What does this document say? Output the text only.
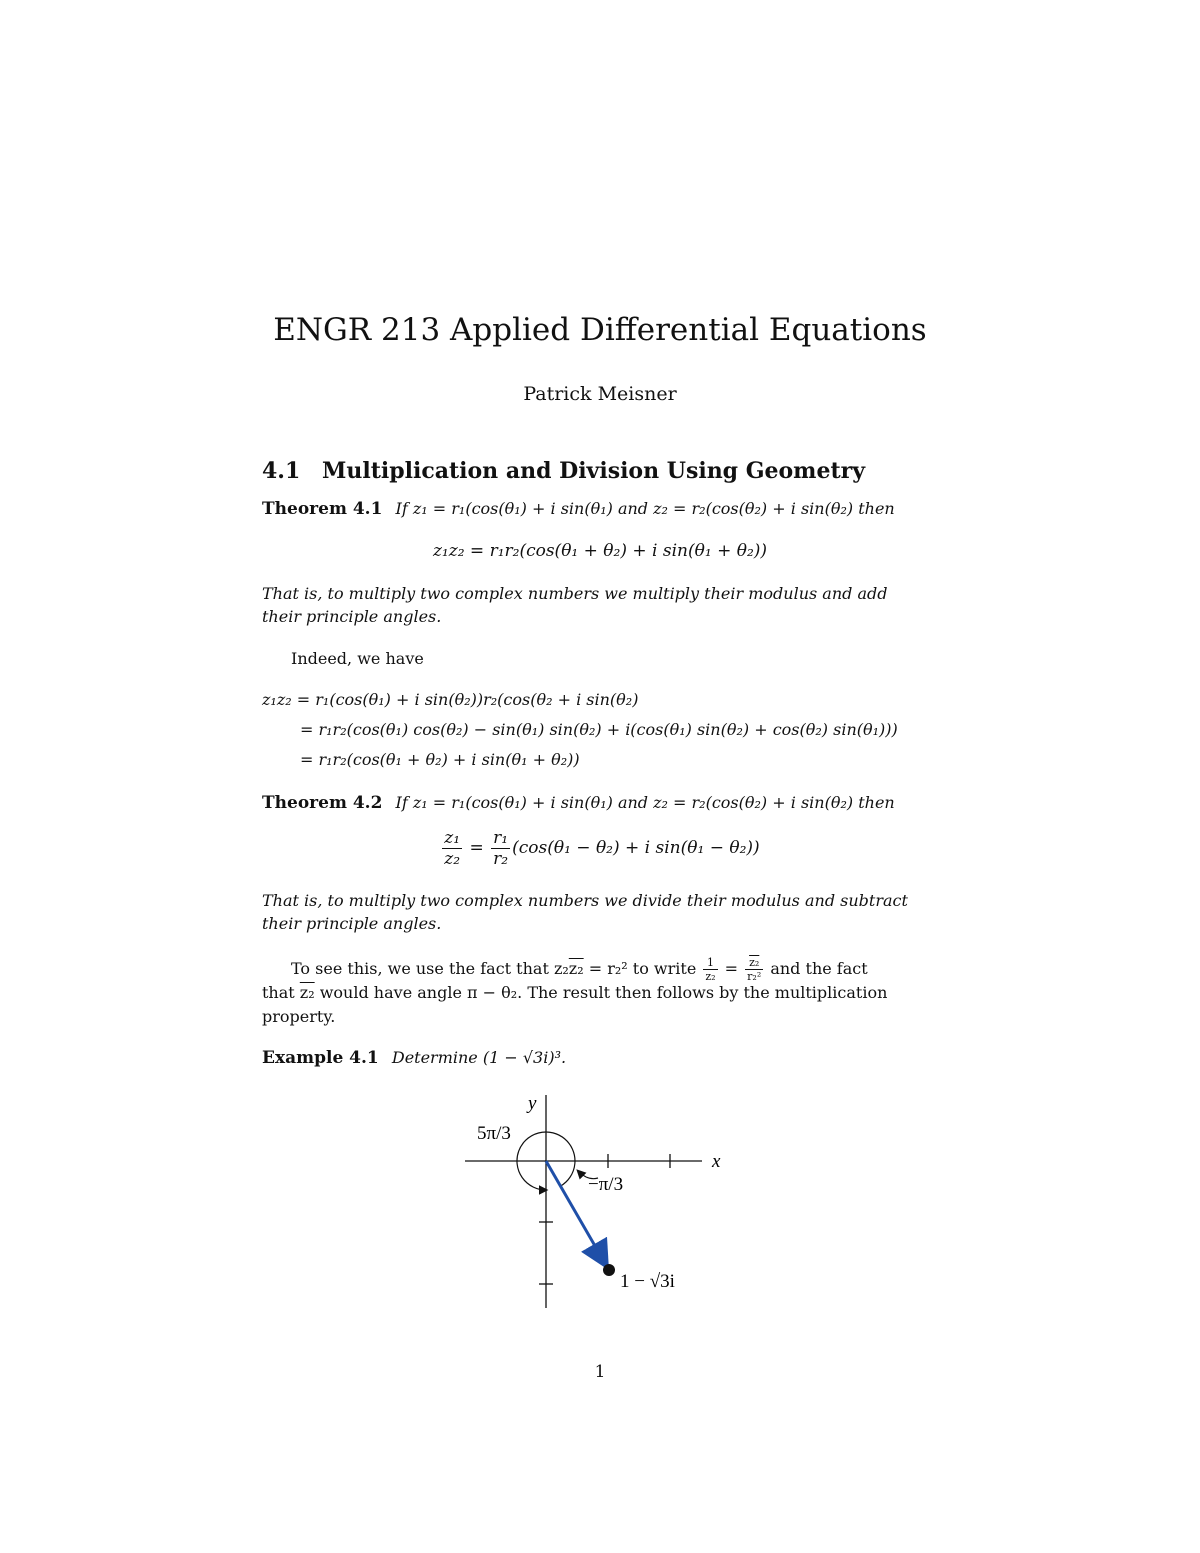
ENGR 213 Applied Differential Equations
Patrick Meisner
4.1 Multiplication and Division Using Geometry
Theorem 4.1 If z₁ = r₁(cos(θ₁) + i sin(θ₁) and z₂ = r₂(cos(θ₂) + i sin(θ₂) then
z₁z₂ = r₁r₂(cos(θ₁ + θ₂) + i sin(θ₁ + θ₂))
That is, to multiply two complex numbers we multiply their modulus and add
their principle angles.
Indeed, we have
z₁z₂ = r₁(cos(θ₁) + i sin(θ₂))r₂(cos(θ₂ + i sin(θ₂)
= r₁r₂(cos(θ₁) cos(θ₂) − sin(θ₁) sin(θ₂) + i(cos(θ₁) sin(θ₂) + cos(θ₂) sin(θ₁)))
= r₁r₂(cos(θ₁ + θ₂) + i sin(θ₁ + θ₂))
Theorem 4.2 If z₁ = r₁(cos(θ₁) + i sin(θ₁) and z₂ = r₂(cos(θ₂) + i sin(θ₂) then
$\frac{\text{z₁}}{\text{z₂}} = \frac{\text{r₁}}{\text{r₂}} (\cos(\theta_1 - \theta_2) + i$ sin(θ₁ − θ₂))
That is, to multiply two complex numbers we divide their modulus and subtract
their principle angles.
To see this, we use the fact that z₂z₂ = r₂² to write $\frac{1}{\text{z₂}} = \frac{\text{z₂}}{\text{r₂²}}$ and the fact
that z₂ would have angle π − θ₂. The result then follows by the multiplication
property.
Example 4.1 Determine (1 − √3i)³.
y
x
5π/3
−π/3
1 − √3i
1
